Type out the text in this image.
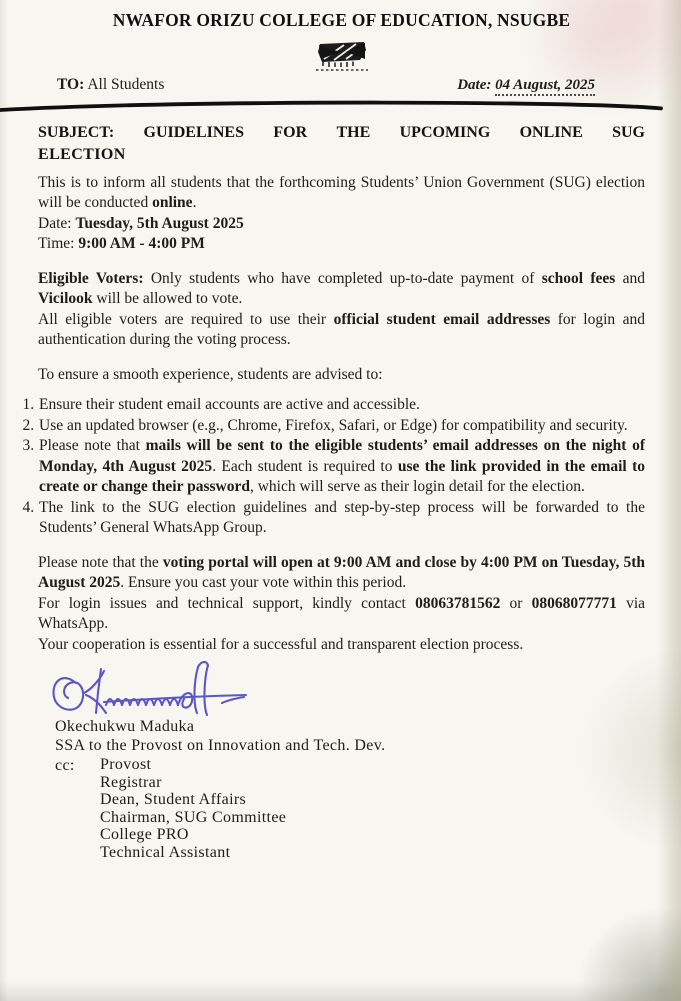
NWAFOR ORIZU COLLEGE OF EDUCATION, NSUGBE
TO: All Students	Date: 04 August, 2025
SUBJECT: GUIDELINES FOR THE UPCOMING ONLINE SUG
ELECTION

This is to inform all students that the forthcoming Students’ Union Government (SUG) election will be conducted online.

Date: Tuesday, 5th August 2025
Time: 9:00 AM - 4:00 PM

Eligible Voters: Only students who have completed up-to-date payment of school fees and Vicilook will be allowed to vote.

All eligible voters are required to use their official student email addresses for login and authentication during the voting process.

To ensure a smooth experience, students are advised to:

1. Ensure their student email accounts are active and accessible.
2. Use an updated browser (e.g., Chrome, Firefox, Safari, or Edge) for compatibility and security.
3. Please note that mails will be sent to the eligible students’ email addresses on the night of Monday, 4th August 2025. Each student is required to use the link provided in the email to create or change their password, which will serve as their login detail for the election.
4. The link to the SUG election guidelines and step-by-step process will be forwarded to the Students’ General WhatsApp Group.

Please note that the voting portal will open at 9:00 AM and close by 4:00 PM on Tuesday, 5th August 2025. Ensure you cast your vote within this period.

For login issues and technical support, kindly contact 08063781562 or 08068077771 via WhatsApp.

Your cooperation is essential for a successful and transparent election process.

Okechukwu Maduka
SSA to the Provost on Innovation and Tech. Dev.
cc:	Provost
Registrar
Dean, Student Affairs
Chairman, SUG Committee
College PRO
Technical Assistant
